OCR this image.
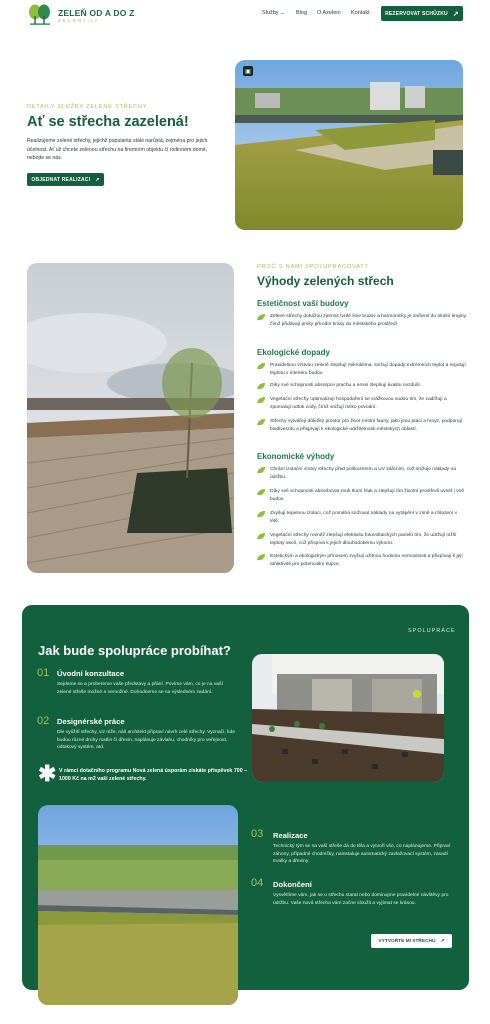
ZELEŇ OD A DO Z
ZELENÍ.cz
Služby ⌄ Blog O Azeleni Kontakt	REZERVOVAT SCHŮZKU ↗
DETAILY SLUŽBY ZELENÉ STŘECHY
Ať se střecha zazelená!
Realizujeme zelené střechy, jejichž popularita stále narůstá, zejména pro jejich účelnost. Ať už chcete zelenou střechu na firemním objektu či rodinném domě, nebojte se nás.
OBJEDNAT REALIZACI ↗
▣
PROČ S NÁMI SPOLUPRACOVAT?
Výhody zelených střech
Estetičnost vaší budovy
Zelené střechy dokážou zjemnit tvrdé linie budov a harmonicky je začlenit do okolní krajiny, čímž přidávají prvky přírodní krásy do městského prostředí
Ekologické dopady
Pravidelnou vrstvou zeleně zlepšují mikroklima, snižují dopady extrémních teplot a regulují teplotu v interiéru budov.
Díky své schopnosti absorpce prachu a emisí zlepšují kvalitu ovzduší.
Vegetační střechy optimalizují hospodaření se srážkovou vodou tím, že zadržují a zpomalují odtok vody, čímž snižují riziko povodní.
Střechy vytvářejí důležitý prostor pro život místní fauny, jako jsou ptáci a hmyz, podporují biodiverzitu a přispívají k ekologické udržitelnosti městských oblastí.
Ekonomické výhody
Chrání izolační vrstvy střechy před poškozením a UV zářením, což snižuje náklady na údržbu.
Díky své schopnosti absorbovat zvuk tlumí hluk a zlepšují tím životní prostředí uvnitř i vně budov.
Zvyšují tepelnou izolaci, což pomáhá snižovat náklady na vytápění v zimě a chlazení v létě.
Vegetační střechy rovněž zlepšují efektivitu fotovoltaických panelů tím, že udržují nižší teploty okolí, což přispívá k jejich dlouhodobému výkonu.
Estetickým a ekologickým přínosem zvyšují užitnou hodnotu nemovitosti a přispívají k její atraktivitě pro potenciální kupce.
SPOLUPRÁCE
Jak bude spolupráce probíhat?
01 Úvodní konzultace
Sejdeme se a probereme vaše představy a přání. Povíme vám, co je na vaší zelené střeše možné a nemožné. Dohodneme se na výsledném zadání.
02 Designérské práce
Dle vyúžití střechy, viz níže, náš architekt připraví návrh celé střechy. Vyznačí, kde budou různé druhy rostlin či dřevin, naplánuje závlahu, chodníky pro veřejnost, odtokový systém, atd.
✱ V rámci dotačního programu Nová zelená úsporám získáte příspěvek 700 – 1000 Kč na m2 vaší zelené střechy.
03 Realizace
Technický tým se na vaší střeše dá do těla a vytvoří vše, co naplánujeme. Připraví záhony, případné chodníčky, nainstaluje automatický zavlažovací systém, zasadí trvalky a dřeviny.
04 Dokončení
Vysvětlíme vám, jak se o střechu starat nebo dominujme pravidelné návštěvy pro údržbu. Vaše nová střecha vám začne sloužit a vyjímat se krásou.
VYTVOŘTE MI STŘECHU ↗
